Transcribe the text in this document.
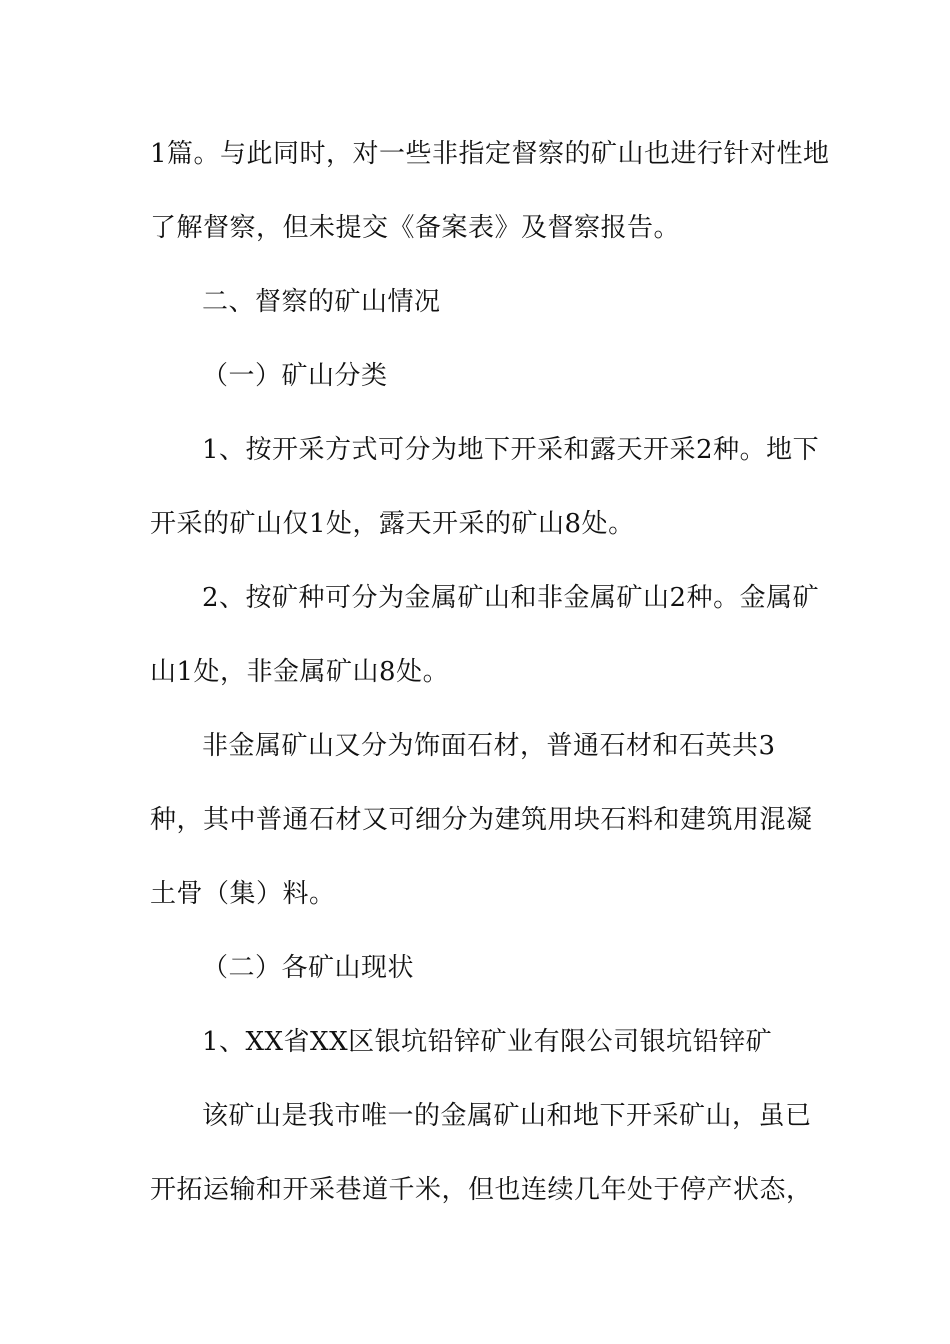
1篇。与此同时，对一些非指定督察的矿山也进行针对性地
了解督察，但未提交《备案表》及督察报告。
二、督察的矿山情况
（一）矿山分类
1、按开采方式可分为地下开采和露天开采2种。地下
开采的矿山仅1处，露天开采的矿山8处。
2、按矿种可分为金属矿山和非金属矿山2种。金属矿
山1处，非金属矿山8处。
非金属矿山又分为饰面石材，普通石材和石英共3
种，其中普通石材又可细分为建筑用块石料和建筑用混凝
土骨（集）料。
（二）各矿山现状
1、XX省XX区银坑铅锌矿业有限公司银坑铅锌矿
该矿山是我市唯一的金属矿山和地下开采矿山，虽已
开拓运输和开采巷道千米，但也连续几年处于停产状态，
